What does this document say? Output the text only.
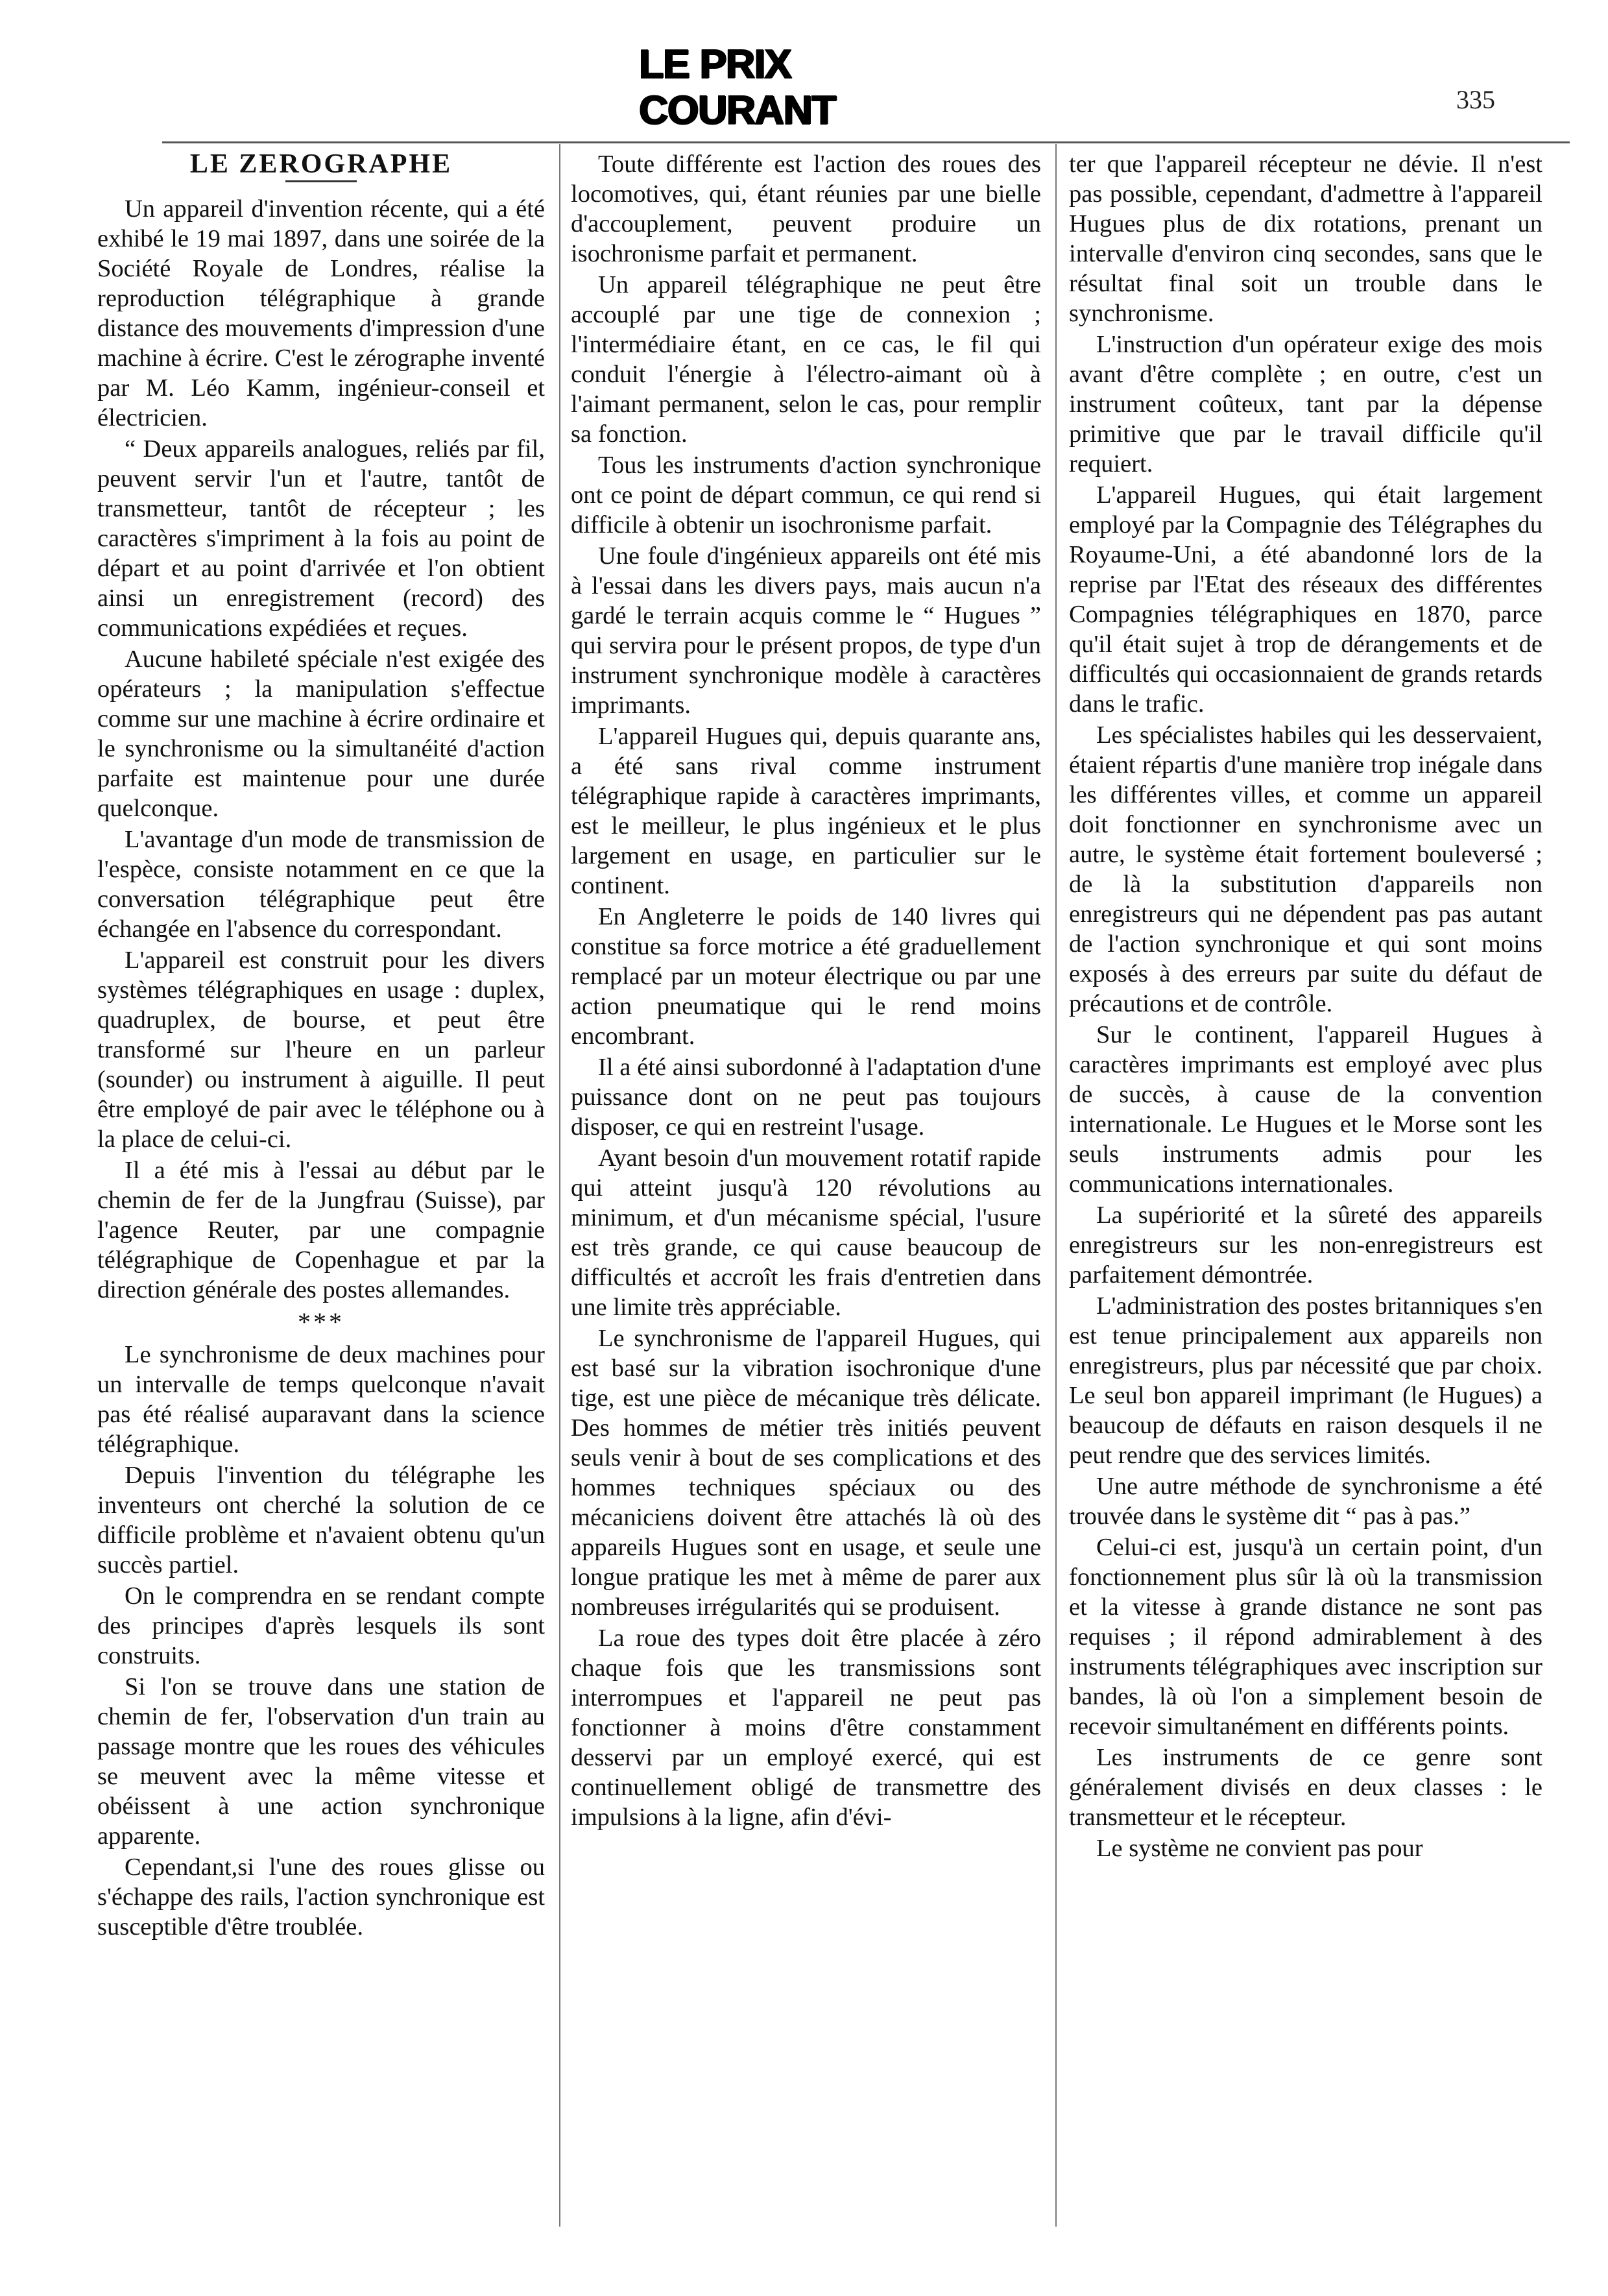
LE PRIX COURANT	335

LE ZEROGRAPHE

Un appareil d'invention récente, qui a été exhibé le 19 mai 1897, dans une soirée de la Société Royale de Londres, réalise la reproduction télégraphique à grande distance des mouvements d'impression d'une machine à écrire. C'est le zérographe inventé par M. Léo Kamm, ingénieur-conseil et électricien.

“ Deux appareils analogues, reliés par fil, peuvent servir l'un et l'autre, tantôt de transmetteur, tantôt de récepteur ; les caractères s'impriment à la fois au point de départ et au point d'arrivée et l'on obtient ainsi un enregistrement (record) des communications expédiées et reçues.

Aucune habileté spéciale n'est exigée des opérateurs ; la manipulation s'effectue comme sur une machine à écrire ordinaire et le synchronisme ou la simultanéité d'action parfaite est maintenue pour une durée quelconque.

L'avantage d'un mode de transmission de l'espèce, consiste notamment en ce que la conversation télégraphique peut être échangée en l'absence du correspondant.

L'appareil est construit pour les divers systèmes télégraphiques en usage : duplex, quadruplex, de bourse, et peut être transformé sur l'heure en un parleur (sounder) ou instrument à aiguille. Il peut être employé de pair avec le téléphone ou à la place de celui-ci.

Il a été mis à l'essai au début par le chemin de fer de la Jungfrau (Suisse), par l'agence Reuter, par une compagnie télégraphique de Copenhague et par la direction générale des postes allemandes.

***

Le synchronisme de deux machines pour un intervalle de temps quelconque n'avait pas été réalisé auparavant dans la science télégraphique.

Depuis l'invention du télégraphe les inventeurs ont cherché la solution de ce difficile problème et n'avaient obtenu qu'un succès partiel.

On le comprendra en se rendant compte des principes d'après lesquels ils sont construits.

Si l'on se trouve dans une station de chemin de fer, l'observation d'un train au passage montre que les roues des véhicules se meuvent avec la même vitesse et obéissent à une action synchronique apparente.

Cependant,si l'une des roues glisse ou s'échappe des rails, l'action synchronique est susceptible d'être troublée.

Toute différente est l'action des roues des locomotives, qui, étant réunies par une bielle d'accouplement, peuvent produire un isochronisme parfait et permanent.

Un appareil télégraphique ne peut être accouplé par une tige de connexion ; l'intermédiaire étant, en ce cas, le fil qui conduit l'énergie à l'électro-aimant où à l'aimant permanent, selon le cas, pour remplir sa fonction.

Tous les instruments d'action synchronique ont ce point de départ commun, ce qui rend si difficile à obtenir un isochronisme parfait.

Une foule d'ingénieux appareils ont été mis à l'essai dans les divers pays, mais aucun n'a gardé le terrain acquis comme le “ Hugues ” qui servira pour le présent propos, de type d'un instrument synchronique modèle à caractères imprimants.

L'appareil Hugues qui, depuis quarante ans, a été sans rival comme instrument télégraphique rapide à caractères imprimants, est le meilleur, le plus ingénieux et le plus largement en usage, en particulier sur le continent.

En Angleterre le poids de 140 livres qui constitue sa force motrice a été graduellement remplacé par un moteur électrique ou par une action pneumatique qui le rend moins encombrant.

Il a été ainsi subordonné à l'adaptation d'une puissance dont on ne peut pas toujours disposer, ce qui en restreint l'usage.

Ayant besoin d'un mouvement rotatif rapide qui atteint jusqu'à 120 révolutions au minimum, et d'un mécanisme spécial, l'usure est très grande, ce qui cause beaucoup de difficultés et accroît les frais d'entretien dans une limite très appréciable.

Le synchronisme de l'appareil Hugues, qui est basé sur la vibration isochronique d'une tige, est une pièce de mécanique très délicate. Des hommes de métier très initiés peuvent seuls venir à bout de ses complications et des hommes techniques spéciaux ou des mécaniciens doivent être attachés là où des appareils Hugues sont en usage, et seule une longue pratique les met à même de parer aux nombreuses irrégularités qui se produisent.

La roue des types doit être placée à zéro chaque fois que les transmissions sont interrompues et l'appareil ne peut pas fonctionner à moins d'être constamment desservi par un employé exercé, qui est continuellement obligé de transmettre des impulsions à la ligne, afin d'évi-

ter que l'appareil récepteur ne dévie. Il n'est pas possible, cependant, d'admettre à l'appareil Hugues plus de dix rotations, prenant un intervalle d'environ cinq secondes, sans que le résultat final soit un trouble dans le synchronisme.

L'instruction d'un opérateur exige des mois avant d'être complète ; en outre, c'est un instrument coûteux, tant par la dépense primitive que par le travail difficile qu'il requiert.

L'appareil Hugues, qui était largement employé par la Compagnie des Télégraphes du Royaume-Uni, a été abandonné lors de la reprise par l'Etat des réseaux des différentes Compagnies télégraphiques en 1870, parce qu'il était sujet à trop de dérangements et de difficultés qui occasionnaient de grands retards dans le trafic.

Les spécialistes habiles qui les desservaient, étaient répartis d'une manière trop inégale dans les différentes villes, et comme un appareil doit fonctionner en synchronisme avec un autre, le système était fortement bouleversé ; de là la substitution d'appareils non enregistreurs qui ne dépendent pas pas autant de l'action synchronique et qui sont moins exposés à des erreurs par suite du défaut de précautions et de contrôle.

Sur le continent, l'appareil Hugues à caractères imprimants est employé avec plus de succès, à cause de la convention internationale. Le Hugues et le Morse sont les seuls instruments admis pour les communications internationales.

La supériorité et la sûreté des appareils enregistreurs sur les non-enregistreurs est parfaitement démontrée.

L'administration des postes britanniques s'en est tenue principalement aux appareils non enregistreurs, plus par nécessité que par choix. Le seul bon appareil imprimant (le Hugues) a beaucoup de défauts en raison desquels il ne peut rendre que des services limités.

Une autre méthode de synchronisme a été trouvée dans le système dit “ pas à pas.”

Celui-ci est, jusqu'à un certain point, d'un fonctionnement plus sûr là où la transmission et la vitesse à grande distance ne sont pas requises ; il répond admirablement à des instruments télégraphiques avec inscription sur bandes, là où l'on a simplement besoin de recevoir simultanément en différents points.

Les instruments de ce genre sont généralement divisés en deux classes : le transmetteur et le récepteur.

Le système ne convient pas pour
